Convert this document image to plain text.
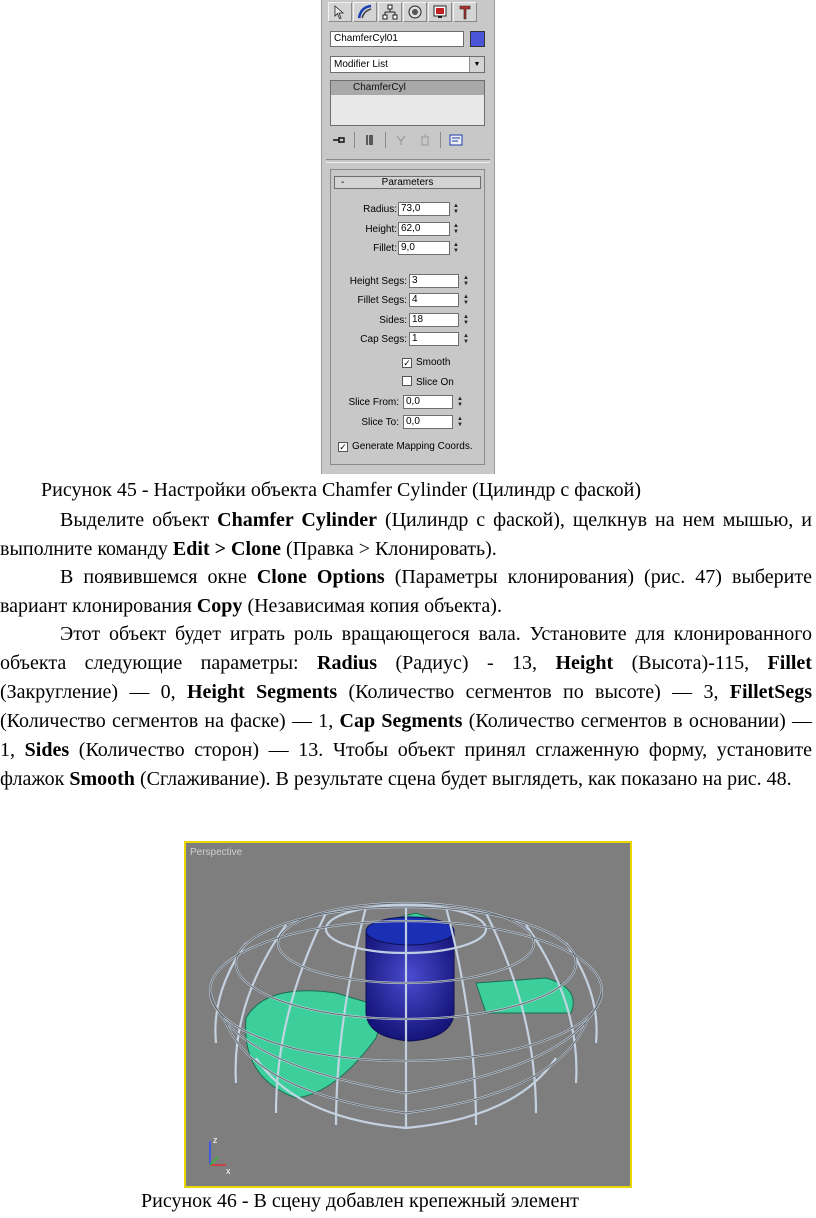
ChamferCyl01
Modifier List	▼
ChamferCyl
-	Parameters
Radius: 73,0	▲
▼
Height: 62,0	▲
▼
Fillet: 9,0	▲
▼
Height Segs: 3	▲
▼
Fillet Segs: 4	▲
▼
Sides: 18	▲
▼
Cap Segs: 1	▲
▼
✓ Smooth
Slice On
Slice From: 0,0	▲
▼
Slice To: 0,0	▲
▼
✓ Generate Mapping Coords.
Рисунок 45 - Настройки объекта Chamfer Cylinder (Цилиндр с фаской)

Выделите объект Chamfer Cylinder (Цилиндр с фаской), щелкнув на нем мышью, и выполните команду Edit > Clone (Правка > Клонировать).

В появившемся окне Clone Options (Параметры клонирования) (рис. 47) выберите вариант клонирования Copy (Независимая копия объекта).

Этот объект будет играть роль вращающегося вала. Установите для клонированного объекта следующие параметры: Radius (Радиус) - 13, Height (Высота)-115, Fillet (Закругление) — 0, Height Segments (Количество сегментов по высоте) — 3, FilletSegs (Количество сегментов на фаске) — 1, Cap Segments (Количество сегментов в основании) — 1, Sides (Количество сторон) — 13. Чтобы объект принял сглаженную форму, установите флажок Smooth (Сглаживание). В результате сцена будет выглядеть, как показано на рис. 48.

Perspective
z
x
Рисунок 46 - В сцену добавлен крепежный элемент
